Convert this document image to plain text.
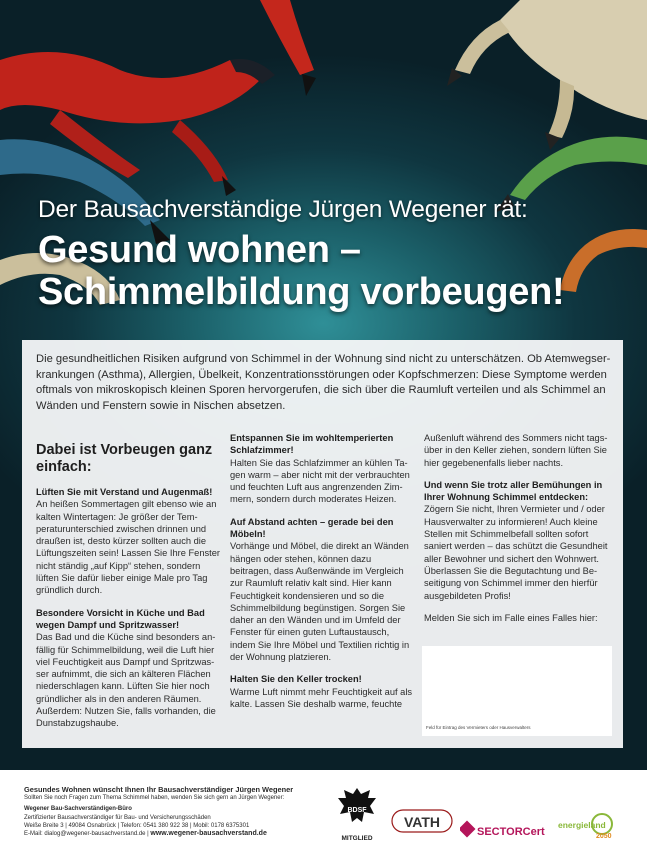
Der Bausachverständige Jürgen Wegener rät:
Gesund wohnen –
Schimmelbildung vorbeugen!
Die gesundheitlichen Risiken aufgrund von Schimmel in der Wohnung sind nicht zu unterschätzen. Ob Atemwegserkrankungen (Asthma), Allergien, Übelkeit, Konzentrationsstörungen oder Kopfschmerzen: Diese Symptome werden oftmals von mikroskopisch kleinen Sporen hervorgerufen, die sich über die Raumluft verteilen und als Schimmel an Wänden und Fenstern sowie in Nischen absetzen.
Dabei ist Vorbeugen ganz einfach:
Lüften Sie mit Verstand und Augenmaß!
An heißen Sommertagen gilt ebenso wie an kalten Wintertagen: Je größer der Temperaturunterschied zwischen drinnen und draußen ist, desto kürzer sollten auch die Lüftungszeiten sein! Lassen Sie Ihre Fenster nicht ständig „auf Kipp“ stehen, sondern lüften Sie dafür lieber einige Male pro Tag gründlich durch.
Besondere Vorsicht in Küche und Bad wegen Dampf und Spritzwasser!
Das Bad und die Küche sind besonders anfällig für Schimmelbildung, weil die Luft hier viel Feuchtigkeit aus Dampf und Spritzwasser aufnimmt, die sich an kälteren Flächen niederschlagen kann. Lüften Sie hier noch gründlicher als in den anderen Räumen. Außerdem: Nutzen Sie, falls vorhanden, die Dunstabzugshaube.
Entspannen Sie im wohltemperierten Schlafzimmer!
Halten Sie das Schlafzimmer an kühlen Tagen warm – aber nicht mit der verbrauchten und feuchten Luft aus angrenzenden Zimmern, sondern durch moderates Heizen.
Auf Abstand achten – gerade bei den Möbeln!
Vorhänge und Möbel, die direkt an Wänden hängen oder stehen, können dazu beitragen, dass Außenwände im Vergleich zur Raumluft relativ kalt sind. Hier kann Feuchtigkeit kondensieren und so die Schimmelbildung begünstigen. Sorgen Sie daher an den Wänden und im Umfeld der Fenster für einen guten Luftaustausch, indem Sie Ihre Möbel und Textilien richtig in der Wohnung platzieren.
Halten Sie den Keller trocken!
Warme Luft nimmt mehr Feuchtigkeit auf als kalte. Lassen Sie deshalb warme, feuchte
Außenluft während des Sommers nicht tagsüber in den Keller ziehen, sondern lüften Sie hier gegebenenfalls lieber nachts.
Und wenn Sie trotz aller Bemühungen in Ihrer Wohnung Schimmel entdecken:
Zögern Sie nicht, Ihren Vermieter und / oder Hausverwalter zu informieren! Auch kleine Stellen mit Schimmelbefall sollten sofort saniert werden – das schützt die Gesundheit aller Bewohner und sichert den Wohnwert. Überlassen Sie die Begutachtung und Beseitigung von Schimmel immer den hierfür ausgebildeten Profis!
Melden Sie sich im Falle eines Falles hier:
Feld für Eintrag des Vermieters oder Hausverwalters
Gesundes Wohnen wünscht Ihnen Ihr Bausachverständiger Jürgen Wegener
Sollten Sie noch Fragen zum Thema Schimmel haben, wenden Sie sich gern an Jürgen Wegener:
Wegener Bau-Sachverständigen-Büro
Zertifizierter Bausachverständiger für Bau- und Versicherungsschäden
Weiße Breite 3 | 49084 Osnabrück | Telefon: 0541 380 922 38 | Mobil: 0178 6375301
E-Mail: dialog@wegener-bausachverstand.de | www.wegener-bausachverstand.de
BDSF
MITGLIED
VATH
SECTORCert
energieland
2050
